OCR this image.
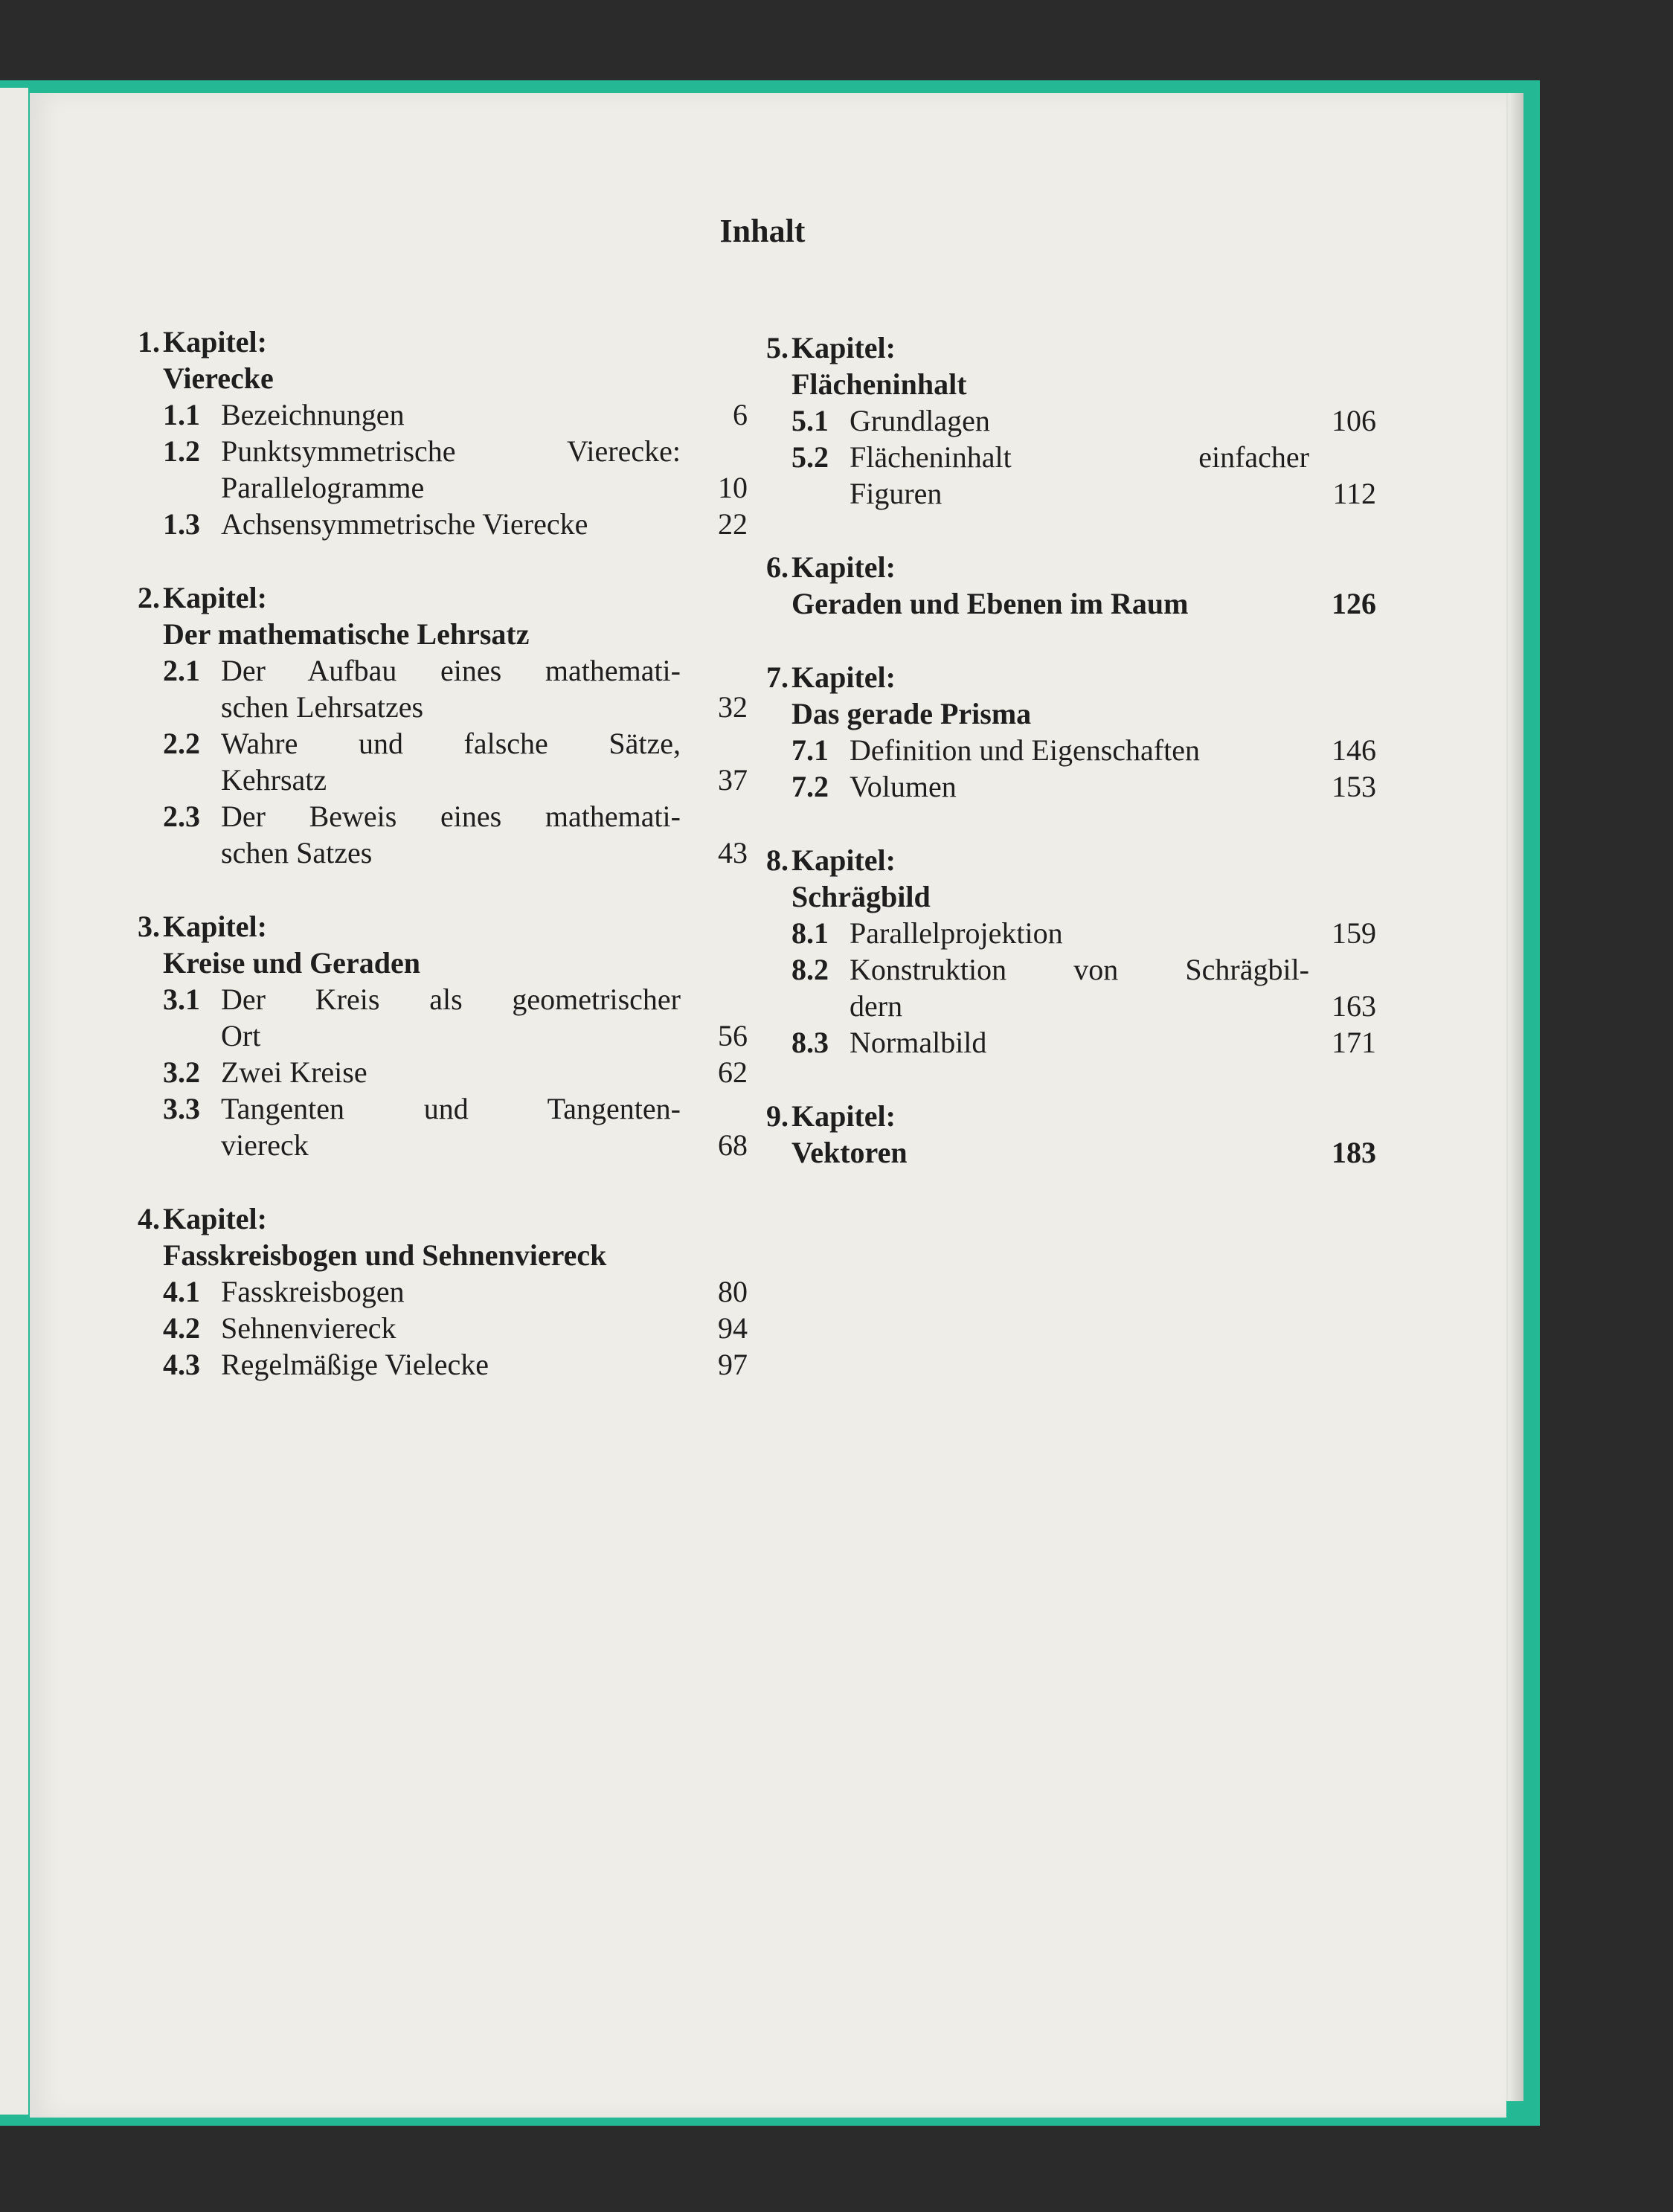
Inhalt
1. Kapitel:
Vierecke
1.1 Bezeichnungen	6
1.2 Punktsymmetrische Vierecke:
Parallelogramme	10
1.3 Achsensymmetrische Vierecke	22
2. Kapitel:
Der mathematische Lehrsatz
2.1 Der Aufbau eines mathemati-
schen Lehrsatzes	32
2.2 Wahre und falsche Sätze,
Kehrsatz	37
2.3 Der Beweis eines mathemati-
schen Satzes	43
3. Kapitel:
Kreise und Geraden
3.1 Der Kreis als geometrischer
Ort	56
3.2 Zwei Kreise	62
3.3 Tangenten und Tangenten-
viereck	68
4. Kapitel:
Fasskreisbogen und Sehnenviereck
4.1 Fasskreisbogen	80
4.2 Sehnenviereck	94
4.3 Regelmäßige Vielecke	97
5. Kapitel:
Flächeninhalt
5.1 Grundlagen	106
5.2 Flächeninhalt einfacher
Figuren	112
6. Kapitel:
Geraden und Ebenen im Raum	126
7. Kapitel:
Das gerade Prisma
7.1 Definition und Eigenschaften	146
7.2 Volumen	153
8. Kapitel:
Schrägbild
8.1 Parallelprojektion	159
8.2 Konstruktion von Schrägbil-
dern	163
8.3 Normalbild	171
9. Kapitel:
Vektoren	183
